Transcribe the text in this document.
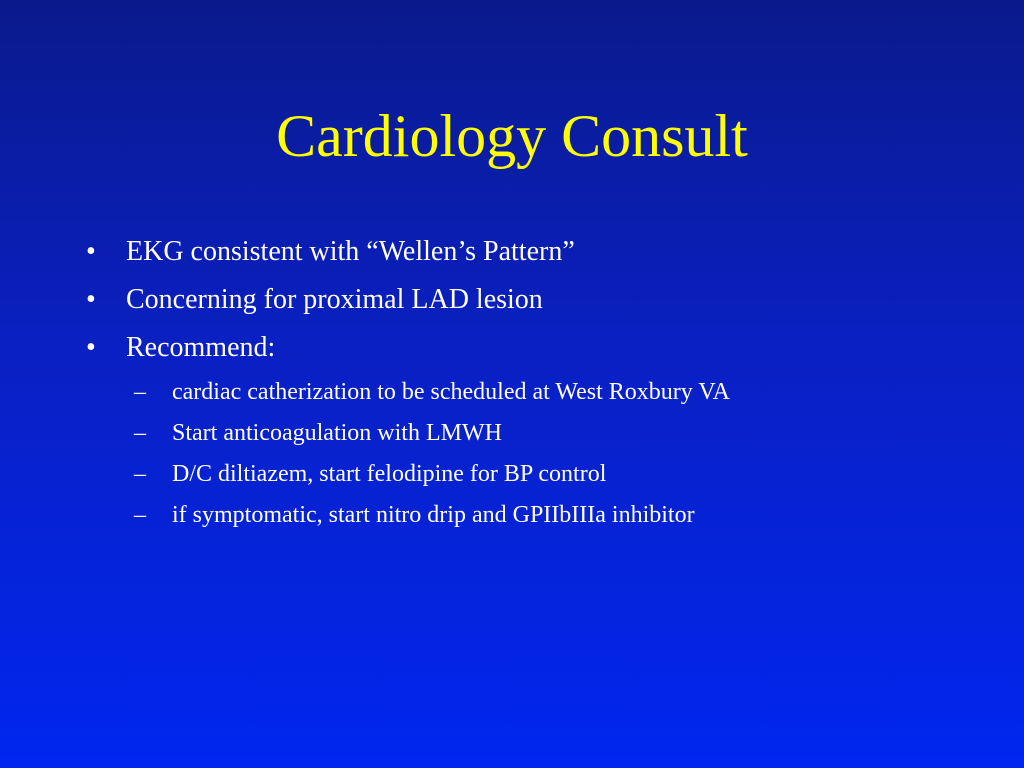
Cardiology Consult
•	EKG consistent with “Wellen’s Pattern”
•	Concerning for proximal LAD lesion
•	Recommend:
–	cardiac catherization to be scheduled at West Roxbury VA
–	Start anticoagulation with LMWH
–	D/C diltiazem, start felodipine for BP control
–	if symptomatic, start nitro drip and GPIIbIIIa inhibitor
